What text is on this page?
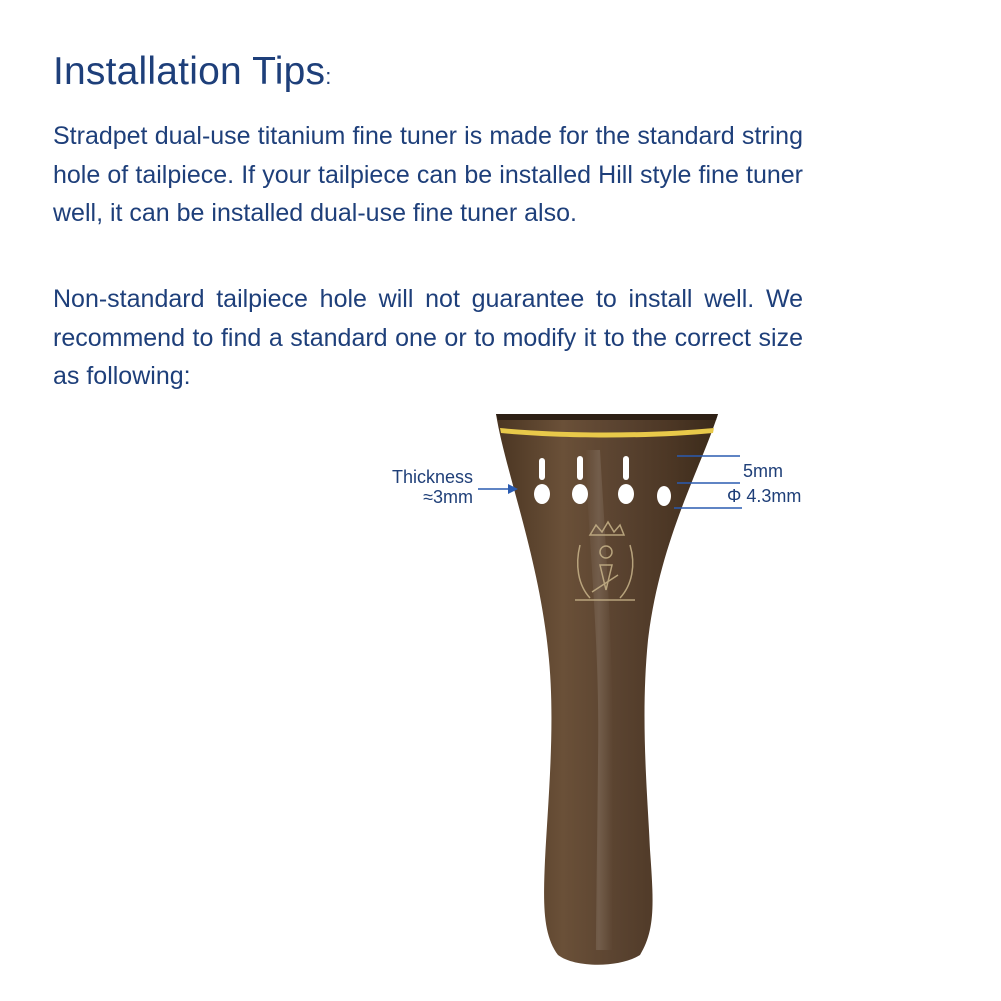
Installation Tips:

Stradpet dual-use titanium fine tuner is made for the standard string hole of tailpiece. If your tailpiece can be installed Hill style fine tuner well, it can be installed dual-use fine tuner also.

Non-standard tailpiece hole will not guarantee to install well. We recommend to find a standard one or to modify it to the correct size as following:

Thickness
≈3mm
5mm
Φ 4.3mm
